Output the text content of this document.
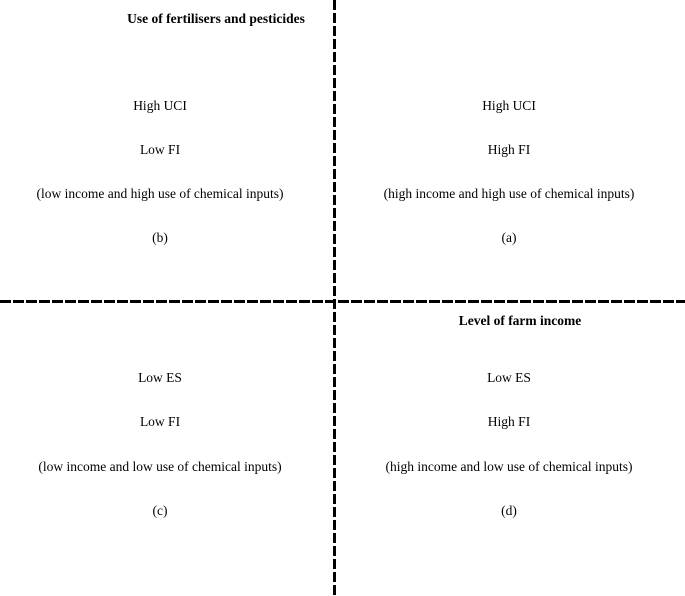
Use of fertilisers and pesticides
Level of farm income
High UCI
Low FI
(low income and high use of chemical inputs)
(b)
High UCI
High FI
(high income and high use of chemical inputs)
(a)
Low ES
Low FI
(low income and low use of chemical inputs)
(c)
Low ES
High FI
(high income and low use of chemical inputs)
(d)
